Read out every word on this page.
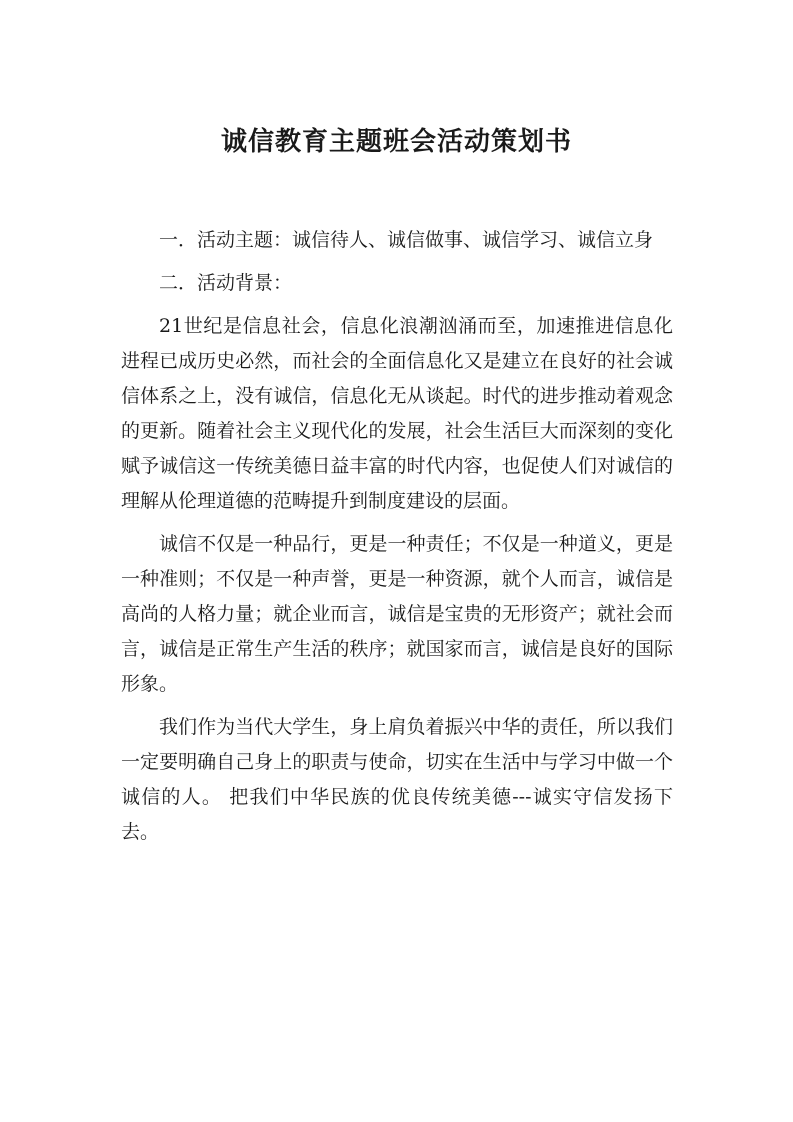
诚信教育主题班会活动策划书

一．活动主题：诚信待人、诚信做事、诚信学习、诚信立身

二．活动背景：

21世纪是信息社会，信息化浪潮汹涌而至，加速推进信息化进程已成历史必然，而社会的全面信息化又是建立在良好的社会诚信体系之上，没有诚信，信息化无从谈起。时代的进步推动着观念的更新。随着社会主义现代化的发展，社会生活巨大而深刻的变化赋予诚信这一传统美德日益丰富的时代内容，也促使人们对诚信的理解从伦理道德的范畴提升到制度建设的层面。

诚信不仅是一种品行，更是一种责任；不仅是一种道义，更是一种准则；不仅是一种声誉，更是一种资源，就个人而言，诚信是高尚的人格力量；就企业而言，诚信是宝贵的无形资产；就社会而言，诚信是正常生产生活的秩序；就国家而言，诚信是良好的国际形象。

我们作为当代大学生，身上肩负着振兴中华的责任，所以我们一定要明确自己身上的职责与使命，切实在生活中与学习中做一个诚信的人。 把我们中华民族的优良传统美德---诚实守信发扬下去。
